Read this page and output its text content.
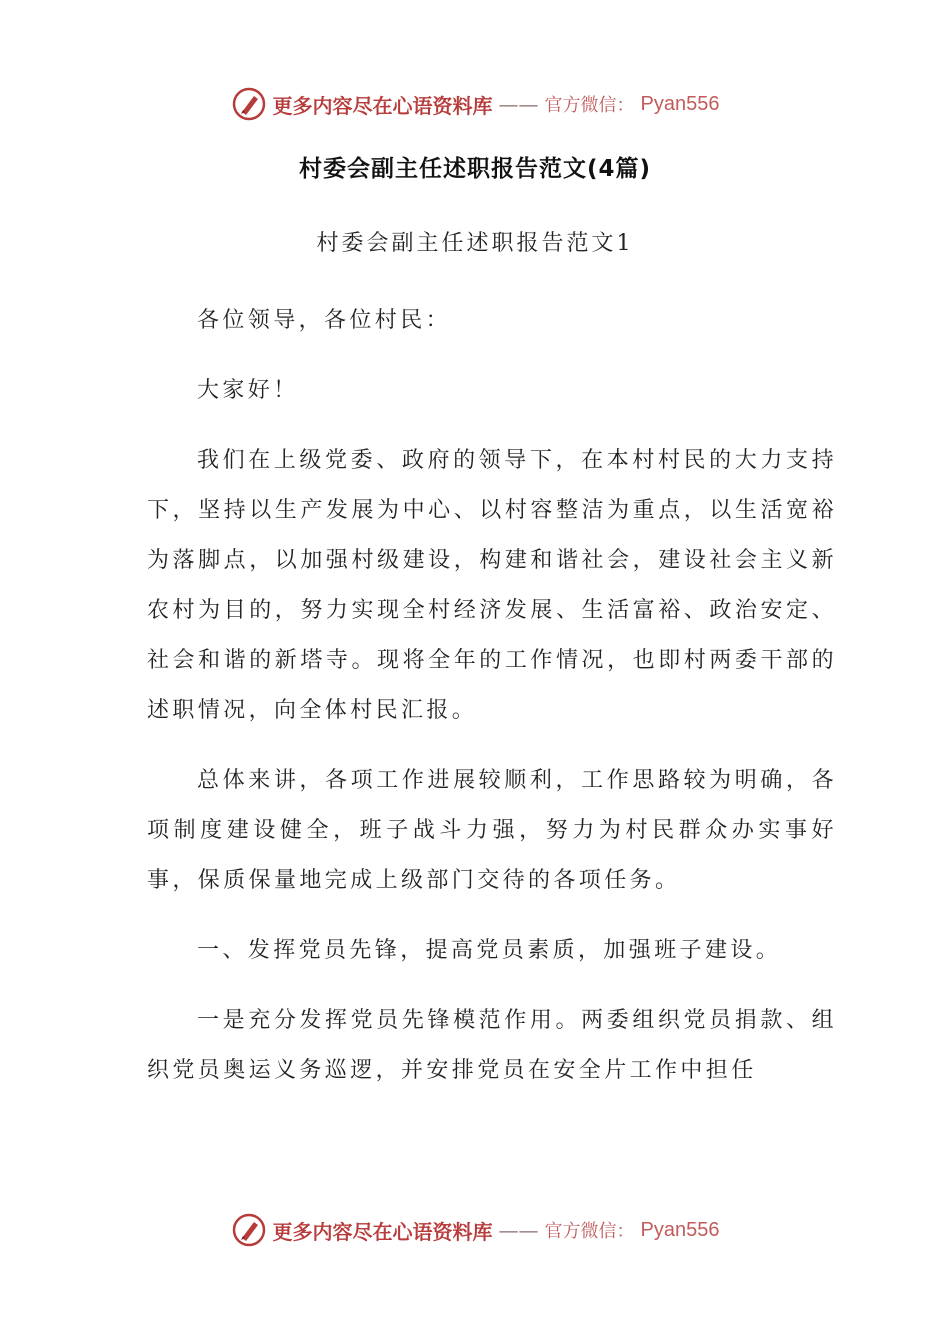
更多内容尽在心语资料库 —— 官方微信： Pyan556
村委会副主任述职报告范文(4篇)
村委会副主任述职报告范文1

各位领导，各位村民：

大家好！

我们在上级党委、政府的领导下，在本村村民的大力支持下，坚持以生产发展为中心、以村容整洁为重点，以生活宽裕为落脚点，以加强村级建设，构建和谐社会，建设社会主义新农村为目的，努力实现全村经济发展、生活富裕、政治安定、社会和谐的新塔寺。现将全年的工作情况，也即村两委干部的述职情况，向全体村民汇报。

总体来讲，各项工作进展较顺利，工作思路较为明确，各项制度建设健全，班子战斗力强，努力为村民群众办实事好事，保质保量地完成上级部门交待的各项任务。

一、发挥党员先锋，提高党员素质，加强班子建设。

一是充分发挥党员先锋模范作用。两委组织党员捐款、组织党员奥运义务巡逻，并安排党员在安全片工作中担任

更多内容尽在心语资料库 —— 官方微信： Pyan556
